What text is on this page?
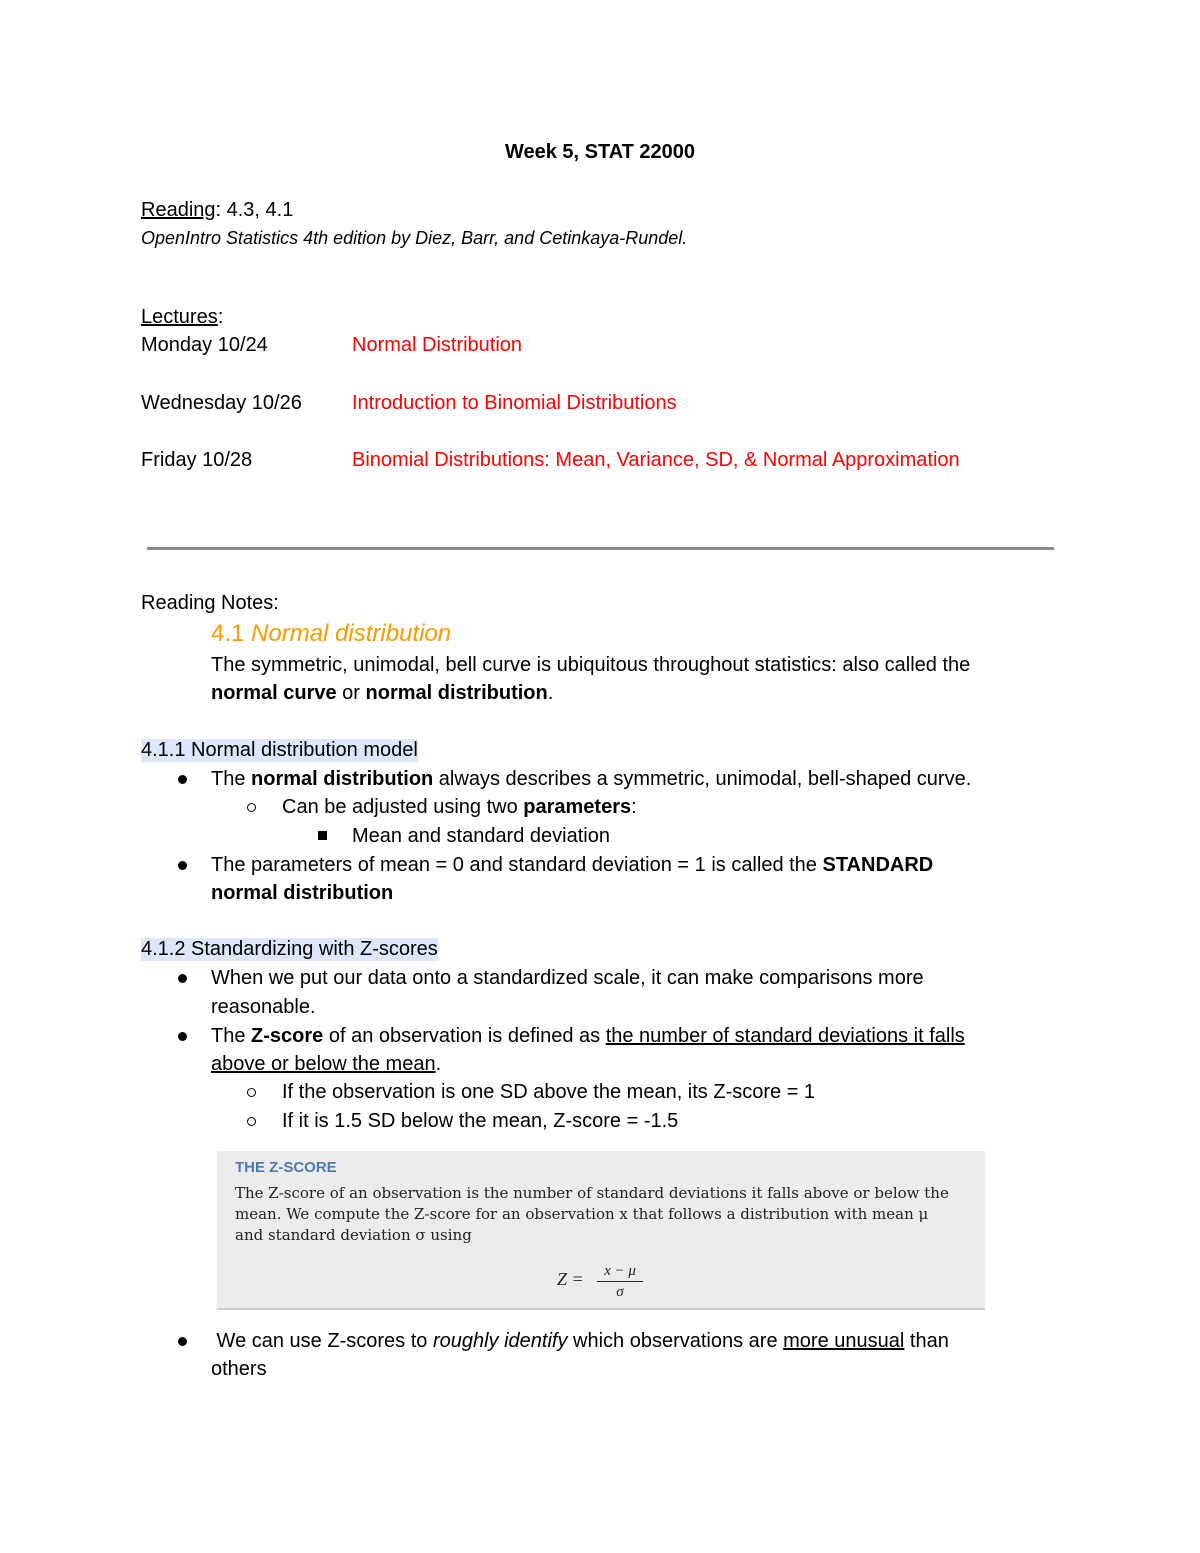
Week 5, STAT 22000
Reading: 4.3, 4.1
OpenIntro Statistics 4th edition by Diez, Barr, and Cetinkaya-Rundel.
Lectures:
Monday 10/24	Normal Distribution
Wednesday 10/26	Introduction to Binomial Distributions
Friday 10/28	Binomial Distributions: Mean, Variance, SD, & Normal Approximation
Reading Notes:
4.1 Normal distribution
The symmetric, unimodal, bell curve is ubiquitous throughout statistics: also called the
normal curve or normal distribution.
4.1.1 Normal distribution model
The normal distribution always describes a symmetric, unimodal, bell-shaped curve.
Can be adjusted using two parameters:
Mean and standard deviation
The parameters of mean = 0 and standard deviation = 1 is called the STANDARD
normal distribution
4.1.2 Standardizing with Z-scores
When we put our data onto a standardized scale, it can make comparisons more
reasonable.
The Z-score of an observation is defined as the number of standard deviations it falls
above or below the mean.
If the observation is one SD above the mean, its Z-score = 1
If it is 1.5 SD below the mean, Z-score = -1.5
THE Z-SCORE
The Z-score of an observation is the number of standard deviations it falls above or below the
mean. We compute the Z-score for an observation x that follows a distribution with mean μ
and standard deviation σ using
$Z = \frac{x - \mu}{\sigma}$
We can use Z-scores to roughly identify which observations are more unusual than
others
